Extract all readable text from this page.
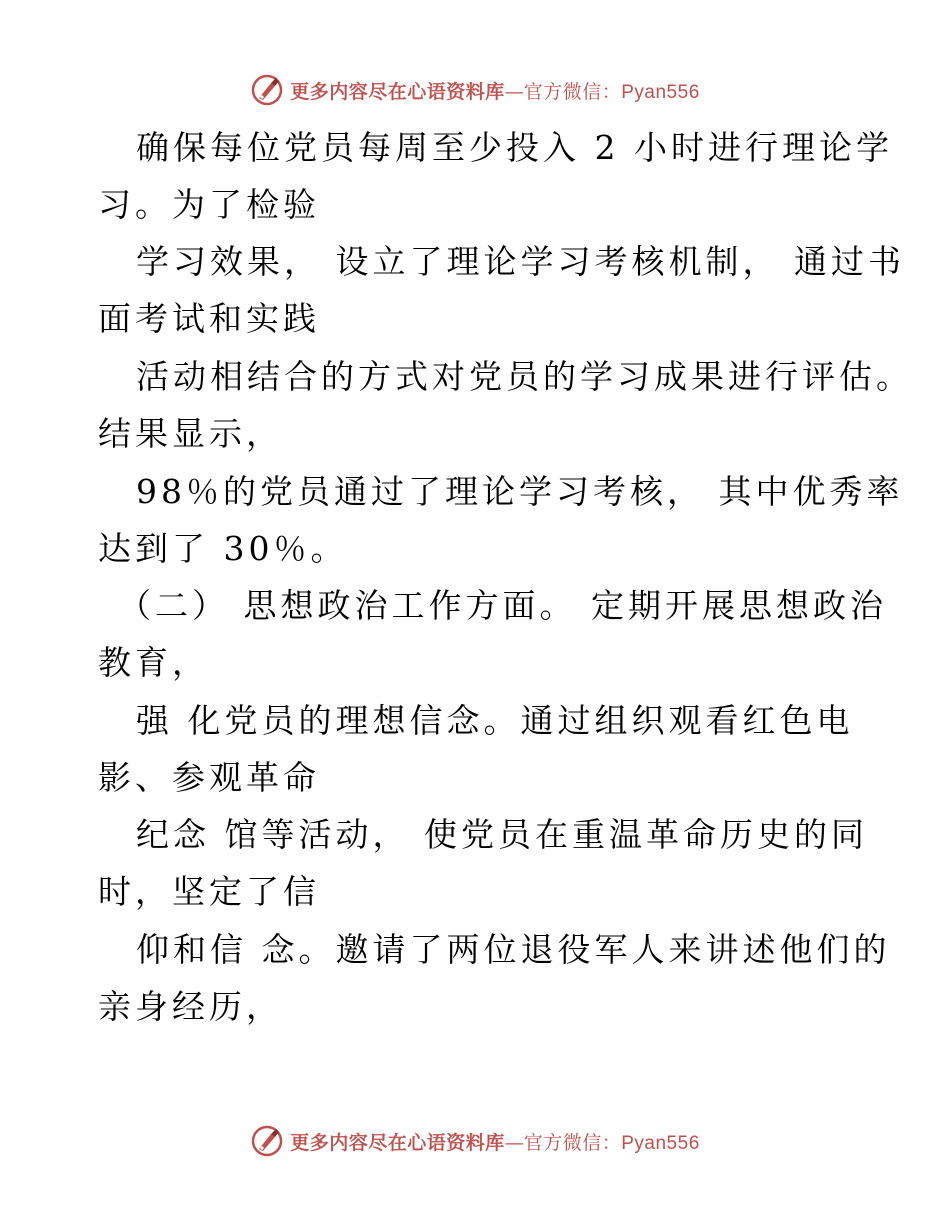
更多内容尽在心语资料库—官方微信：Pyan556
确保每位党员每周至少投入 2 小时进行理论学
习。为了检验
学习效果， 设立了理论学习考核机制， 通过书
面考试和实践
活动相结合的方式对党员的学习成果进行评估。
结果显示，
98％的党员通过了理论学习考核， 其中优秀率
达到了 30％。
（二） 思想政治工作方面。 定期开展思想政治
教育，
强 化党员的理想信念。通过组织观看红色电
影、参观革命
纪念 馆等活动， 使党员在重温革命历史的同
时，坚定了信
仰和信 念。邀请了两位退役军人来讲述他们的
亲身经历，
更多内容尽在心语资料库—官方微信：Pyan556
